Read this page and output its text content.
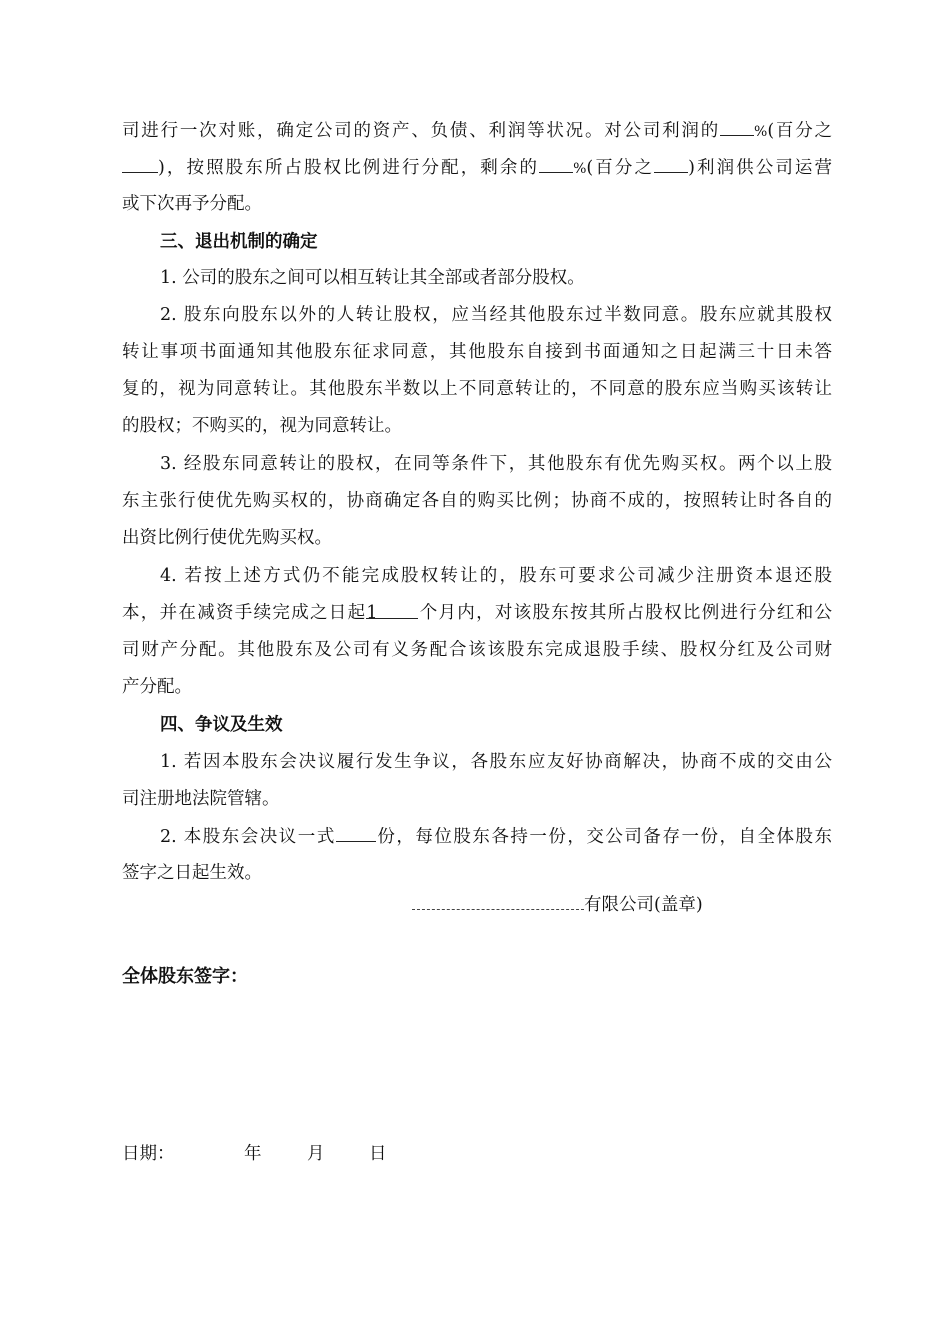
司进行一次对账，确定公司的资产、负债、利润等状况。对公司利润的 %(百分之
)，按照股东所占股权比例进行分配，剩余的 %(百分之 )利润供公司运营
或下次再予分配。
三、退出机制的确定
1. 公司的股东之间可以相互转让其全部或者部分股权。
2. 股东向股东以外的人转让股权，应当经其他股东过半数同意。股东应就其股权
转让事项书面通知其他股东征求同意，其他股东自接到书面通知之日起满三十日未答
复的，视为同意转让。其他股东半数以上不同意转让的，不同意的股东应当购买该转让
的股权；不购买的，视为同意转让。
3. 经股东同意转让的股权，在同等条件下，其他股东有优先购买权。两个以上股
东主张行使优先购买权的，协商确定各自的购买比例；协商不成的，按照转让时各自的
出资比例行使优先购买权。
4. 若按上述方式仍不能完成股权转让的，股东可要求公司减少注册资本退还股
本，并在减资手续完成之日起1 个月内，对该股东按其所占股权比例进行分红和公
司财产分配。其他股东及公司有义务配合该该股东完成退股手续、股权分红及公司财
产分配。
四、争议及生效
1. 若因本股东会决议履行发生争议，各股东应友好协商解决，协商不成的交由公
司注册地法院管辖。
2. 本股东会决议一式 份，每位股东各持一份，交公司备存一份，自全体股东
签字之日起生效。
有限公司(盖章)
全体股东签字：
日期：	年	月	日
